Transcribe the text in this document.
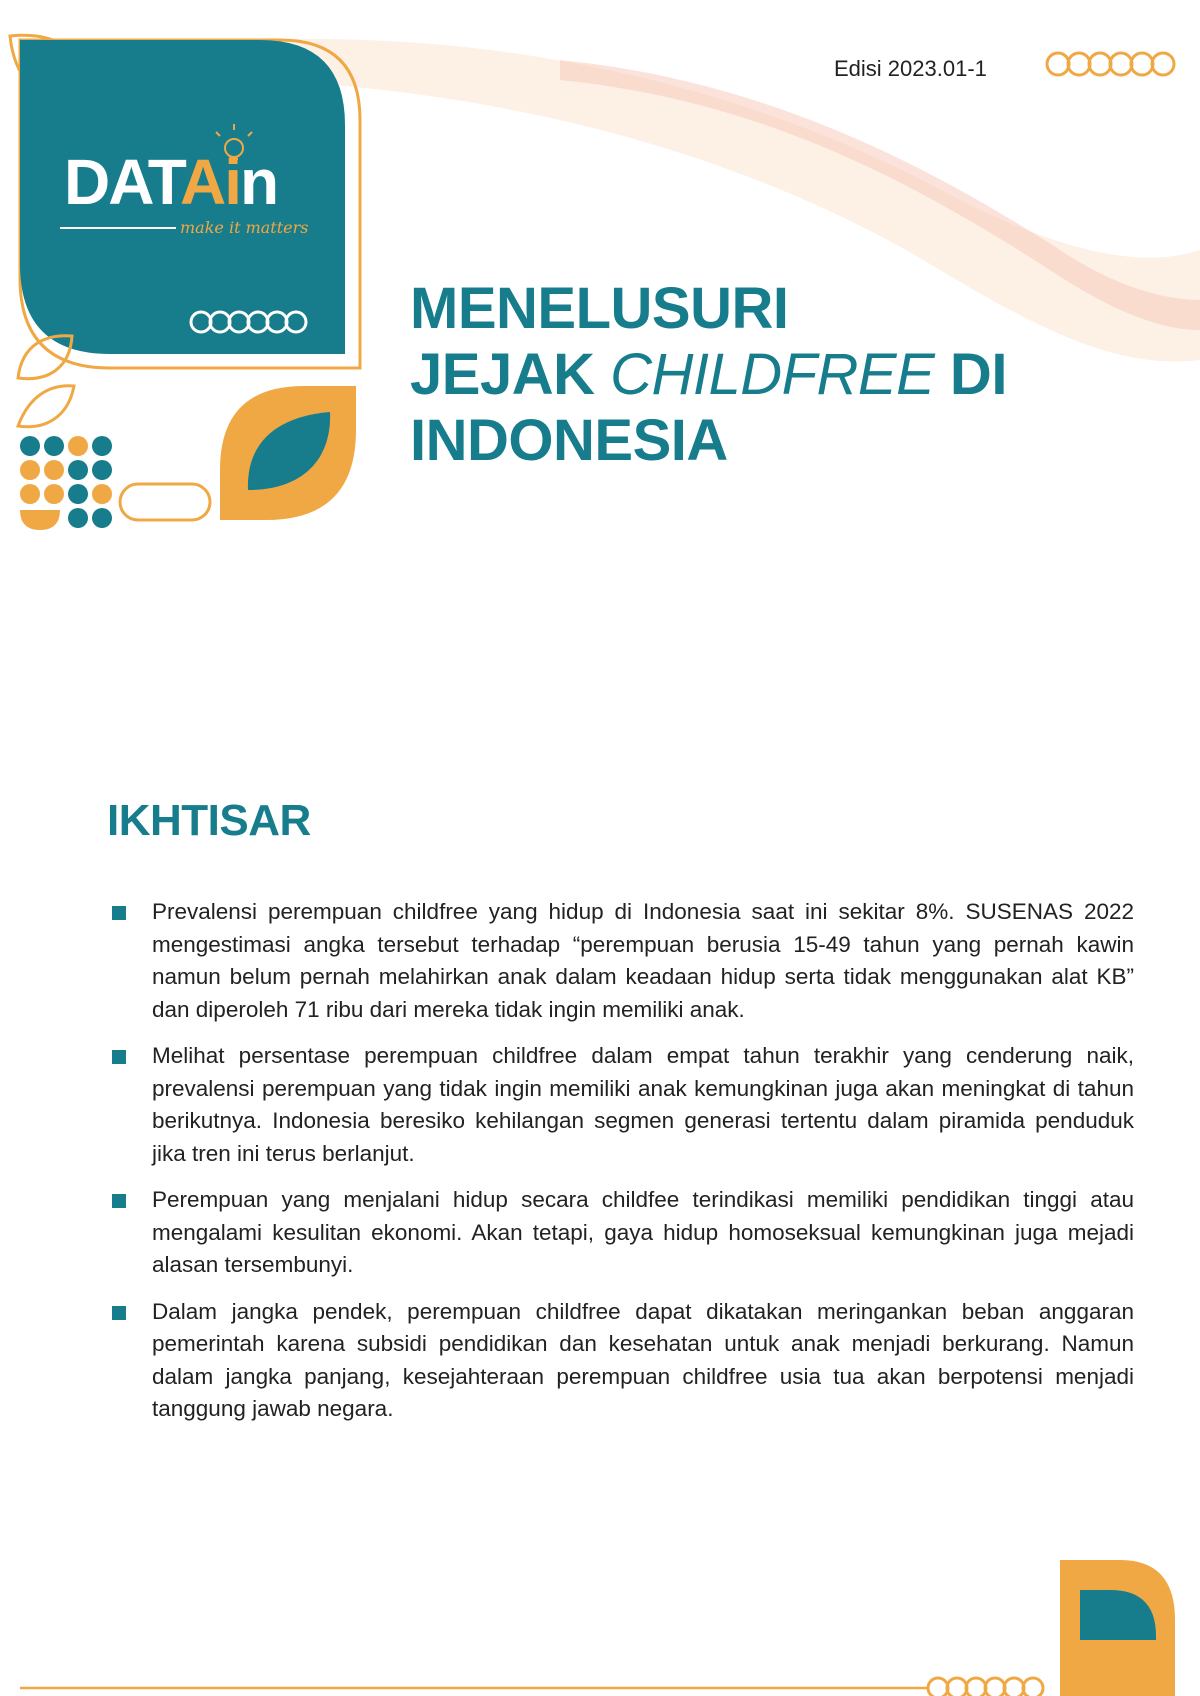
Edisi 2023.01-1
DATAin
make it matters
MENELUSURI
JEJAK CHILDFREE DI
INDONESIA
IKHTISAR
Prevalensi perempuan childfree yang hidup di Indonesia saat ini sekitar 8%. SUSENAS 2022 mengestimasi angka tersebut terhadap “perempuan berusia 15-49 tahun yang pernah kawin namun belum pernah melahirkan anak dalam keadaan hidup serta tidak menggunakan alat KB” dan diperoleh 71 ribu dari mereka tidak ingin memiliki anak.
Melihat persentase perempuan childfree dalam empat tahun terakhir yang cenderung naik, prevalensi perempuan yang tidak ingin memiliki anak kemungkinan juga akan meningkat di tahun berikutnya. Indonesia beresiko kehilangan segmen generasi tertentu dalam piramida penduduk jika tren ini terus berlanjut.
Perempuan yang menjalani hidup secara childfee terindikasi memiliki pendidikan tinggi atau mengalami kesulitan ekonomi. Akan tetapi, gaya hidup homoseksual kemungkinan juga mejadi alasan tersembunyi.
Dalam jangka pendek, perempuan childfree dapat dikatakan meringankan beban anggaran pemerintah karena subsidi pendidikan dan kesehatan untuk anak menjadi berkurang. Namun dalam jangka panjang, kesejahteraan perempuan childfree usia tua akan berpotensi menjadi tanggung jawab negara.
